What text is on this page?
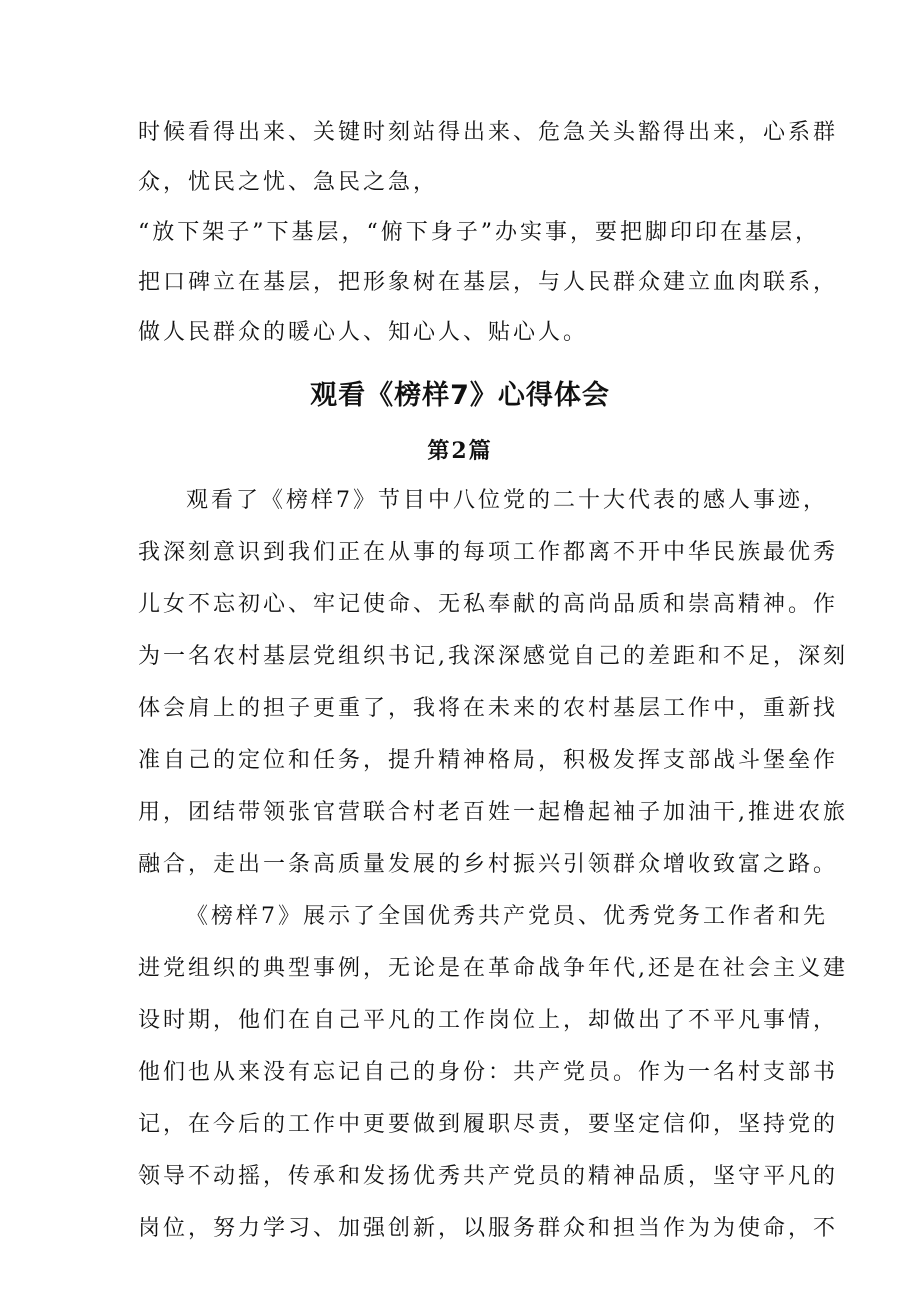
时候看得出来、关键时刻站得出来、危急关头豁得出来，心系群
众，忧民之忧、急民之急，
“放下架子”下基层，“俯下身子”办实事，要把脚印印在基层，
把口碑立在基层，把形象树在基层，与人民群众建立血肉联系，
做人民群众的暖心人、知心人、贴心人。
观看《榜样7》心得体会
第2篇
观看了《榜样7》节目中八位党的二十大代表的感人事迹，
我深刻意识到我们正在从事的每项工作都离不开中华民族最优秀
儿女不忘初心、牢记使命、无私奉献的高尚品质和崇高精神。作
为一名农村基层党组织书记,我深深感觉自己的差距和不足，深刻
体会肩上的担子更重了，我将在未来的农村基层工作中，重新找
准自己的定位和任务，提升精神格局，积极发挥支部战斗堡垒作
用，团结带领张官营联合村老百姓一起橹起袖子加油干,推进农旅
融合，走出一条高质量发展的乡村振兴引领群众增收致富之路。
《榜样7》展示了全国优秀共产党员、优秀党务工作者和先
进党组织的典型事例，无论是在革命战争年代,还是在社会主义建
设时期，他们在自己平凡的工作岗位上，却做出了不平凡事情，
他们也从来没有忘记自己的身份：共产党员。作为一名村支部书
记，在今后的工作中更要做到履职尽责，要坚定信仰，坚持党的
领导不动摇，传承和发扬优秀共产党员的精神品质，坚守平凡的
岗位，努力学习、加强创新，以服务群众和担当作为为使命，不
